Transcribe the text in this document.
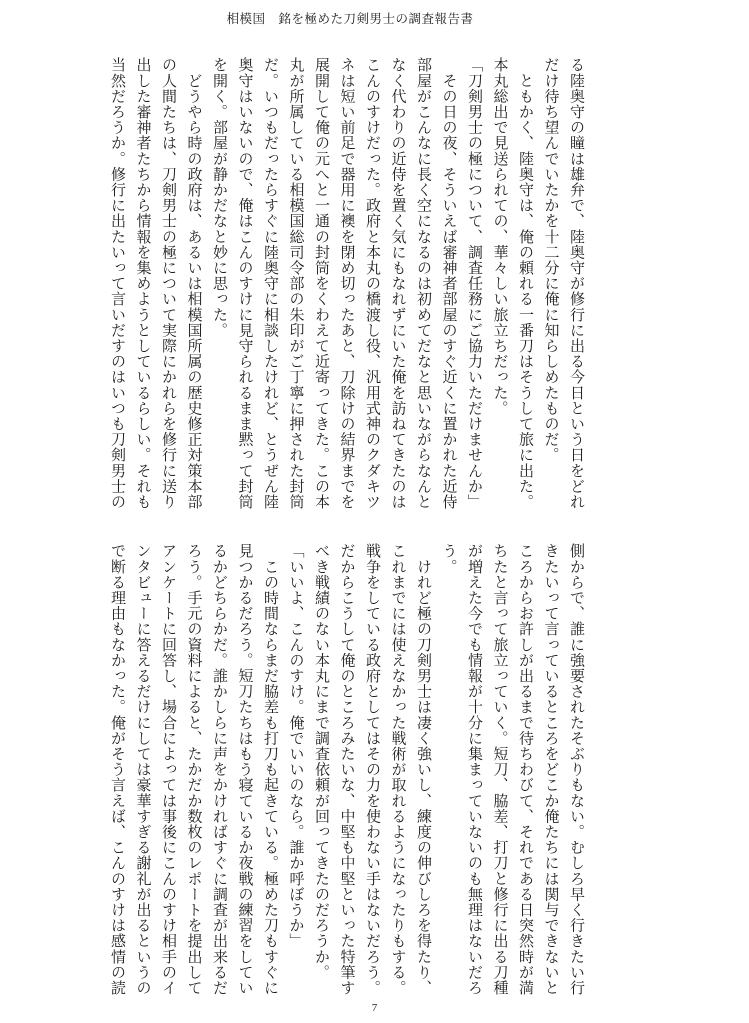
相模国　銘を極めた刀剣男士の調査報告書

る陸奥守の瞳は雄弁で、陸奥守が修行に出る今日という日をどれ

だけ待ち望んでいたかを十二分に俺に知らしめたものだ。

　ともかく、陸奥守は、俺の頼れる一番刀はそうして旅に出た。

本丸総出で見送られての、華々しい旅立ちだった。

「刀剣男士の極について、調査任務にご協力いただけませんか」

　その日の夜、そういえば審神者部屋のすぐ近くに置かれた近侍

部屋がこんなに長く空になるのは初めてだなと思いながらなんと

なく代わりの近侍を置く気にもなれずにいた俺を訪ねてきたのは

こんのすけだった。政府と本丸の橋渡し役、汎用式神のクダキツ

ネは短い前足で器用に襖を閉め切ったあと、刀除けの結界までを

展開して俺の元へと一通の封筒をくわえて近寄ってきた。この本

丸が所属している相模国総司令部の朱印がご丁寧に押された封筒

だ。いつもだったらすぐに陸奥守に相談したけれど、とうぜん陸

奥守はいないので、俺はこんのすけに見守られるまま黙って封筒

を開く。部屋が静かだなと妙に思った。

　どうやら時の政府は、あるいは相模国所属の歴史修正対策本部

の人間たちは、刀剣男士の極について実際にかれらを修行に送り

出した審神者たちから情報を集めようとしているらしい。それも

当然だろうか。修行に出たいって言いだすのはいつも刀剣男士の

側からで、誰に強要されたそぶりもない。むしろ早く行きたい行

きたいって言っているところをどこか俺たちには関与できないと

ころからお許しが出るまで待ちわびて、それである日突然時が満

ちたと言って旅立っていく。短刀、脇差、打刀と修行に出る刀種

が増えた今でも情報が十分に集まっていないのも無理はないだろ

う。

　けれど極の刀剣男士は凄く強いし、練度の伸びしろを得たり、

これまでには使えなかった戦術が取れるようになったりもする。

戦争をしている政府としてはその力を使わない手はないだろう。

だからこうして俺のところみたいな、中堅も中堅といった特筆す

べき戦績のない本丸にまで調査依頼が回ってきたのだろうか。

「いいよ、こんのすけ。俺でいいのなら。誰か呼ぼうか」

　この時間ならまだ脇差も打刀も起きている。極めた刀もすぐに

見つかるだろう。短刀たちはもう寝ているか夜戦の練習をしてい

るかどちらかだ。誰かしらに声をかければすぐに調査が出来るだ

ろう。手元の資料によると、たかだか数枚のレポートを提出して

アンケートに回答し、場合によっては事後にこんのすけ相手のイ

ンタビューに答えるだけにしては豪華すぎる謝礼が出るというの

で断る理由もなかった。俺がそう言えば、こんのすけは感情の読

7
